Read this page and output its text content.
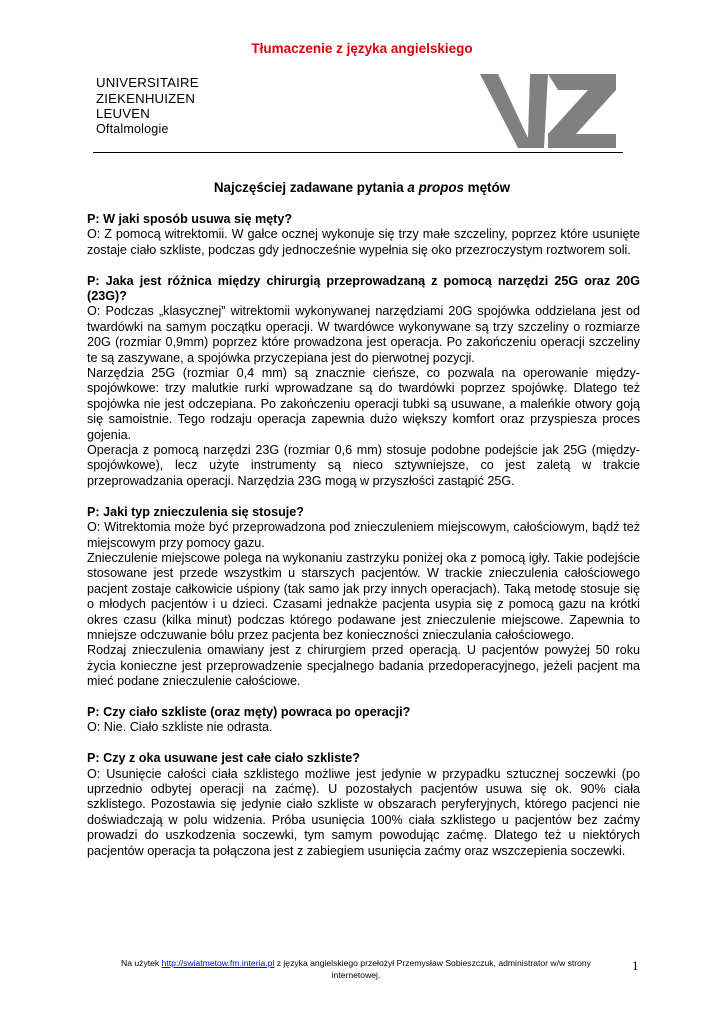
Tłumaczenie z języka angielskiego
UNIVERSITAIRE
ZIEKENHUIZEN
LEUVEN
Oftalmologie
Najczęściej zadawane pytania a propos mętów

P: W jaki sposób usuwa się męty?

O: Z pomocą witrektomii. W gałce ocznej wykonuje się trzy małe szczeliny, poprzez które usunięte zostaje ciało szkliste, podczas gdy jednocześnie wypełnia się oko przezroczystym roztworem soli.

P: Jaka jest różnica między chirurgią przeprowadzaną z pomocą narzędzi 25G oraz 20G (23G)?

O: Podczas „klasycznej” witrektomii wykonywanej narzędziami 20G spojówka oddzielana jest od twardówki na samym początku operacji. W twardówce wykonywane są trzy szczeliny o rozmiarze 20G (rozmiar 0,9mm) poprzez które prowadzona jest operacja. Po zakończeniu operacji szczeliny te są zaszywane, a spojówka przyczepiana jest do pierwotnej pozycji.

Narzędzia 25G (rozmiar 0,4 mm) są znacznie cieńsze, co pozwala na operowanie między-spojówkowe: trzy malutkie rurki wprowadzane są do twardówki poprzez spojówkę. Dlatego też spojówka nie jest odczepiana. Po zakończeniu operacji tubki są usuwane, a maleńkie otwory goją się samoistnie. Tego rodzaju operacja zapewnia dużo większy komfort oraz przyspiesza proces gojenia.

Operacja z pomocą narzędzi 23G (rozmiar 0,6 mm) stosuje podobne podejście jak 25G (między-spojówkowe), lecz użyte instrumenty są nieco sztywniejsze, co jest zaletą w trakcie przeprowadzania operacji. Narzędzia 23G mogą w przyszłości zastąpić 25G.

P: Jaki typ znieczulenia się stosuje?

O: Witrektomia może być przeprowadzona pod znieczuleniem miejscowym, całościowym, bądź też miejscowym przy pomocy gazu.

Znieczulenie miejscowe polega na wykonaniu zastrzyku poniżej oka z pomocą igły. Takie podejście stosowane jest przede wszystkim u starszych pacjentów. W trackie znieczulenia całościowego pacjent zostaje całkowicie uśpiony (tak samo jak przy innych operacjach). Taką metodę stosuje się o młodych pacjentów i u dzieci. Czasami jednakże pacjenta usypia się z pomocą gazu na krótki okres czasu (kilka minut) podczas którego podawane jest znieczulenie miejscowe. Zapewnia to mniejsze odczuwanie bólu przez pacjenta bez konieczności znieczulania całościowego.

Rodzaj znieczulenia omawiany jest z chirurgiem przed operacją. U pacjentów powyżej 50 roku życia konieczne jest przeprowadzenie specjalnego badania przedoperacyjnego, jeżeli pacjent ma mieć podane znieczulenie całościowe.

P: Czy ciało szkliste (oraz męty) powraca po operacji?

O: Nie. Ciało szkliste nie odrasta.

P: Czy z oka usuwane jest całe ciało szkliste?

O: Usunięcie całości ciała szklistego możliwe jest jedynie w przypadku sztucznej soczewki (po uprzednio odbytej operacji na zaćmę). U pozostałych pacjentów usuwa się ok. 90% ciała szklistego. Pozostawia się jedynie ciało szkliste w obszarach peryferyjnych, którego pacjenci nie doświadczają w polu widzenia. Próba usunięcia 100% ciała szklistego u pacjentów bez zaćmy prowadzi do uszkodzenia soczewki, tym samym powodując zaćmę. Dlatego też u niektórych pacjentów operacja ta połączona jest z zabiegiem usunięcia zaćmy oraz wszczepienia soczewki.

Na użytek http://swiatmetow.fm.interia.pl z języka angielskiego przełożył Przemysław Sobieszczuk, administrator w/w strony internetowej.
1
